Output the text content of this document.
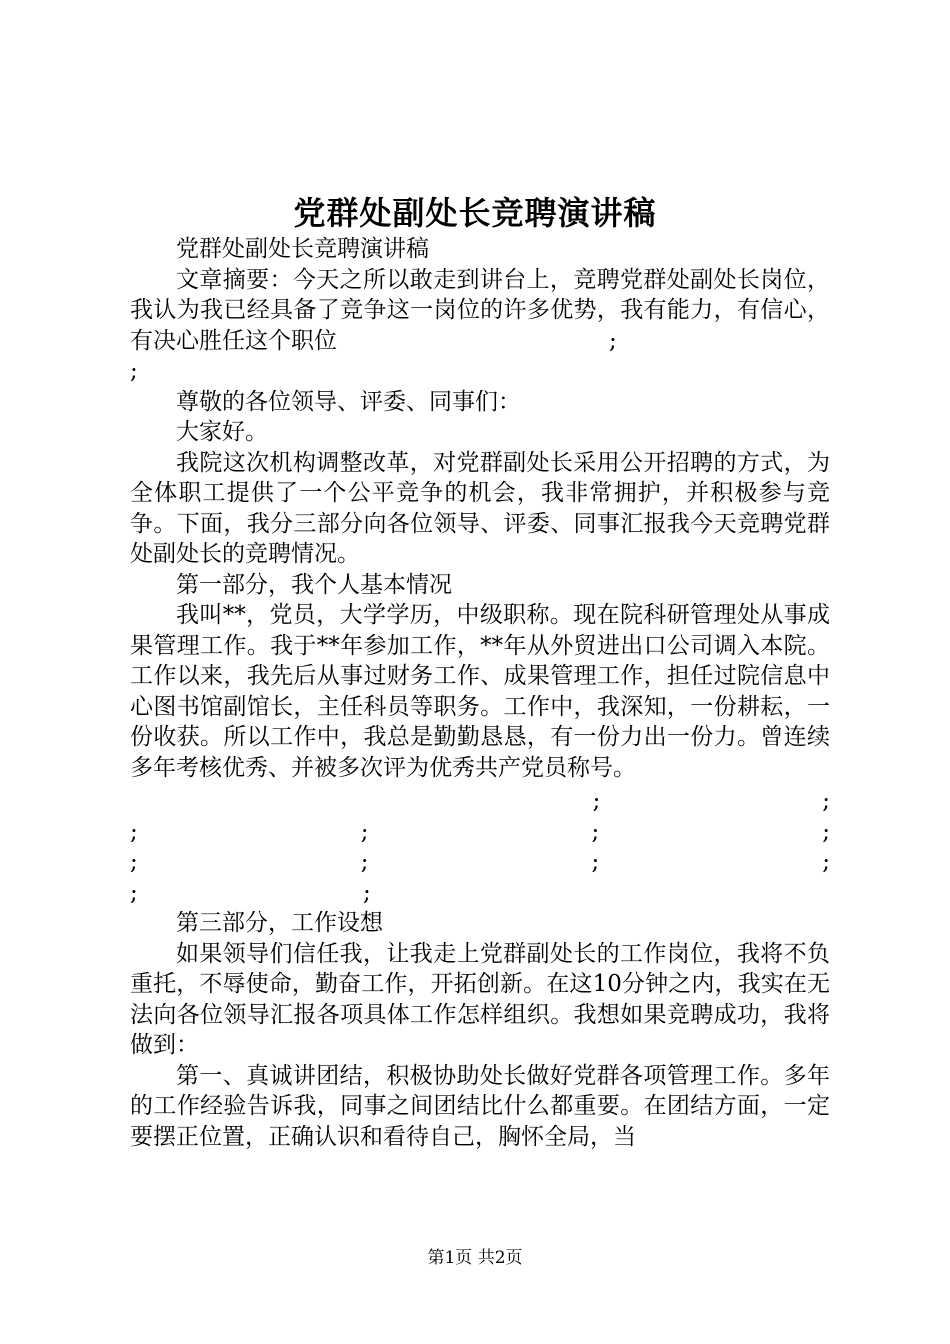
党群处副处长竞聘演讲稿

党群处副处长竞聘演讲稿

文章摘要：今天之所以敢走到讲台上，竞聘党群处副处长岗位，我认为我已经具备了竞争这一岗位的许多优势，我有能力，有信心，有决心胜任这个职位	;

;

尊敬的各位领导、评委、同事们：

大家好。

我院这次机构调整改革，对党群副处长采用公开招聘的方式，为全体职工提供了一个公平竞争的机会，我非常拥护，并积极参与竞争。下面，我分三部分向各位领导、评委、同事汇报我今天竞聘党群处副处长的竞聘情况。

第一部分，我个人基本情况

我叫**，党员，大学学历，中级职称。现在院科研管理处从事成果管理工作。我于**年参加工作，**年从外贸进出口公司调入本院。工作以来，我先后从事过财务工作、成果管理工作，担任过院信息中心图书馆副馆长，主任科员等职务。工作中，我深知，一份耕耘，一份收获。所以工作中，我总是勤勤恳恳，有一份力出一份力。曾连续多年考核优秀、并被多次评为优秀共产党员称号。

;	;
;	;	;	;
;	;	;	;
;	;

第三部分，工作设想

如果领导们信任我，让我走上党群副处长的工作岗位，我将不负重托，不辱使命，勤奋工作，开拓创新。在这10分钟之内，我实在无法向各位领导汇报各项具体工作怎样组织。我想如果竞聘成功，我将做到：

第一、真诚讲团结，积极协助处长做好党群各项管理工作。多年的工作经验告诉我，同事之间团结比什么都重要。在团结方面，一定要摆正位置，正确认识和看待自己，胸怀全局，当

第1页 共2页
